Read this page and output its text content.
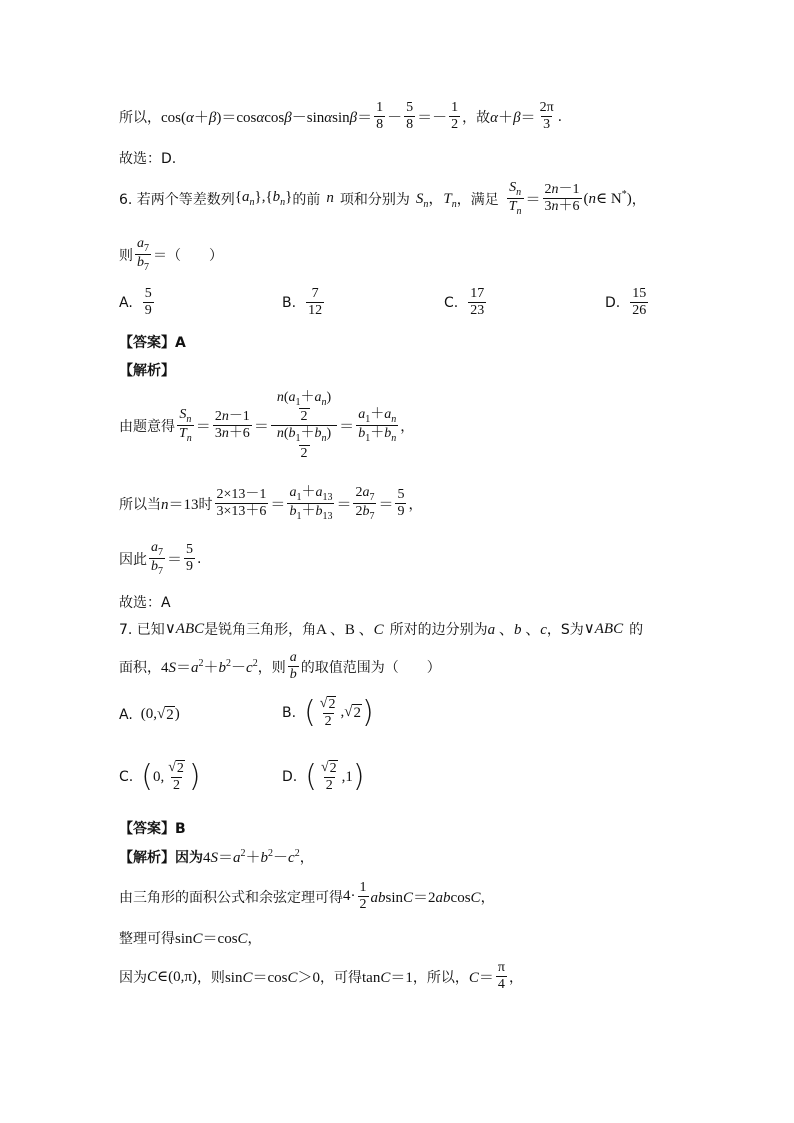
所以， $\cos(\alpha+\beta)=\cos\alpha\cos\beta-\sin\alpha\sin\beta= \frac{1}{8} - \frac{5}{8} =- \frac{1}{2}$ ，故 $\alpha+\beta= \frac{2\pi}{3}$ .
故选：D.
6. 若两个等差数列 $\{a_n\},\{b_n\}$ 的前 n 项和分别为 $S_n$，$T_n$ ，满足 $\frac{S_n}{T_n} = \frac{2n-1}{3n+6}$ (n∈ N*) ，
则 $\frac{a_7}{b_7}$ ＝（　　）
A. $\frac{5}{9}$	B. $\frac{7}{12}$	C. $\frac{17}{23}$	D. $\frac{15}{26}$
【答案】A
【解析】
由题意得 $\frac{S_n}{T_n} = \frac{2n-1}{3n+6} = \frac{\frac{n(a_1+a_n)}{2}}{\frac{n(b_1+b_n)}{2}} = \frac{a_1+a_n}{b_1+b_n}$ ，
所以当 n＝13 时 $\frac{2\times 13-1}{3\times 13+6} = \frac{a_1+a_{13}}{b_1+b_{13}} = \frac{2a_7}{2b_7} = \frac{5}{9}$ ，
因此 $\frac{a_7}{b_7} = \frac{5}{9}$ .
故选：A
7. 已知 ∨ABC 是锐角三角形，角 A 、B 、C 所对的边分别为 a 、b 、c ，S为 ∨ABC 的
面积， $4S=a^2+b^2-c^2$ ，则 $\frac{a}{b}$ 的取值范围为（　　）
A. (0,√ 2 )	B. ( $\frac{√ 2}{2}$ ,√ 2 )
C. ( 0, $\frac{√ 2}{2}$ )	D. ( $\frac{√ 2}{2} ,1$ )
【答案】B
【解析】因为 $4S=a^2+b^2-c^2$ ，
由三角形的面积公式和余弦定理可得 $4\cdot \frac{1}{2} absinC=2abcosC$ ，
整理可得 sinC＝cosC ，
因为 C∈(0,π) ，则 sinC＝cosC＞0 ，可得 tanC＝1 ，所以， $C= \frac{\pi}{4}$ ，
